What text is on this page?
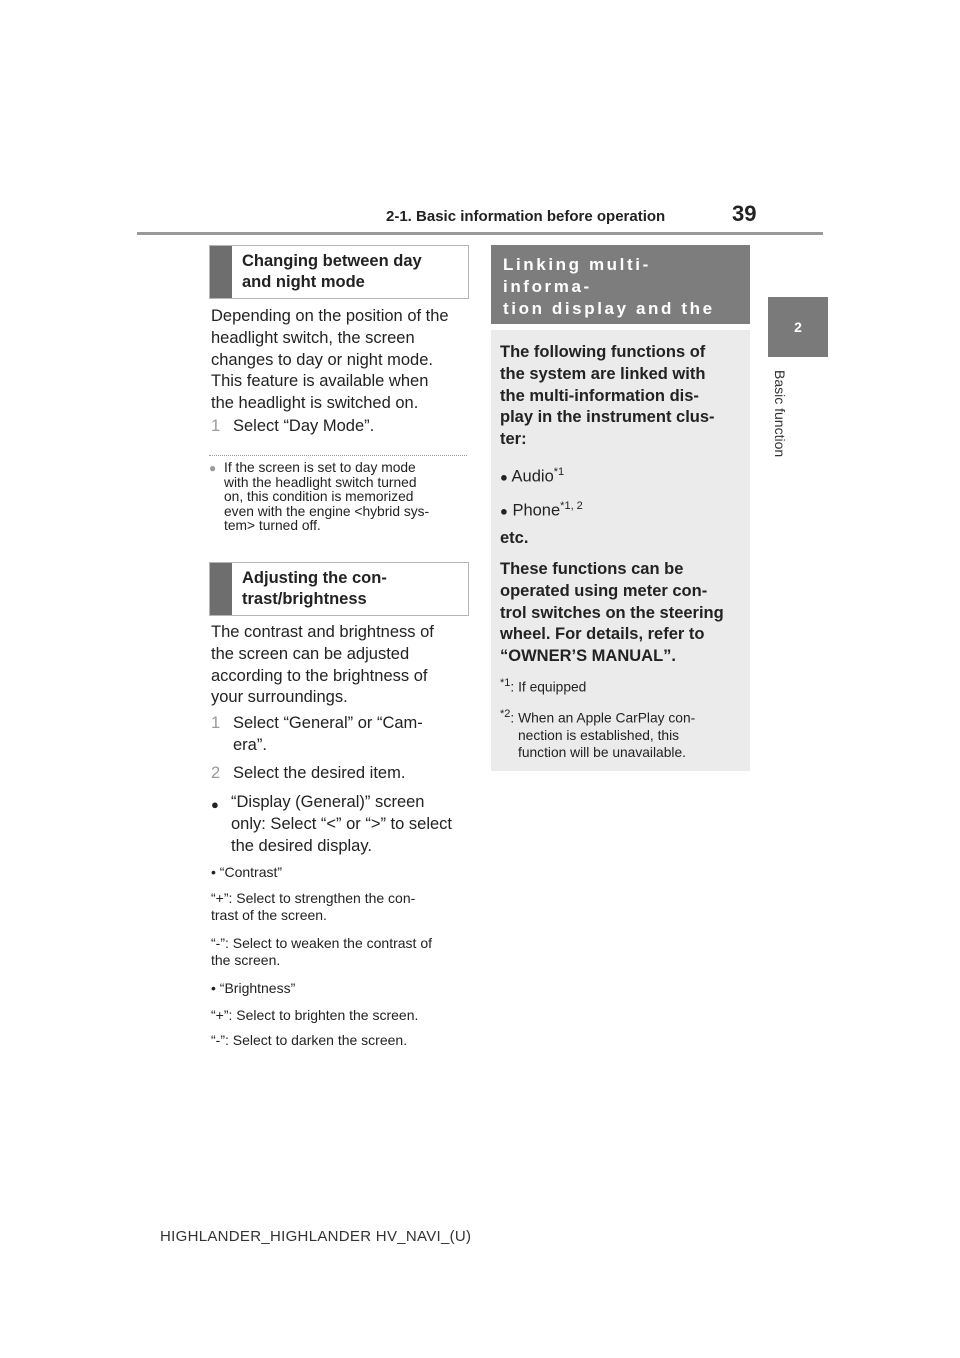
2-1. Basic information before operation	39
2
Basic function
Changing between day
and night mode
Depending on the position of the
headlight switch, the screen
changes to day or night mode.
This feature is available when
the headlight is switched on.
1 Select “Day Mode”.
● If the screen is set to day mode
with the headlight switch turned
on, this condition is memorized
even with the engine <hybrid sys-
tem> turned off.
Adjusting the con-
trast/brightness
The contrast and brightness of
the screen can be adjusted
according to the brightness of
your surroundings.
1 Select “General” or “Cam-
era”.
2 Select the desired item.
● “Display (General)” screen
only: Select “<” or “>” to select
the desired display.
• “Contrast”
“+”: Select to strengthen the con-
trast of the screen.
“-”: Select to weaken the contrast of
the screen.
• “Brightness”
“+”: Select to brighten the screen.
“-”: Select to darken the screen.
Linking multi-informa-
tion display and the
The following functions of
the system are linked with
the multi-information dis-
play in the instrument clus-
ter:
● Audio$^{*1}$
● Phone$^{*1, 2}$
etc.
These functions can be
operated using meter con-
trol switches on the steering
wheel. For details, refer to
“OWNER’S MANUAL”.
$^{*1}$: If equipped
$^{*2}$: When an Apple CarPlay con-
nection is established, this
function will be unavailable.
HIGHLANDER_HIGHLANDER HV_NAVI_(U)
